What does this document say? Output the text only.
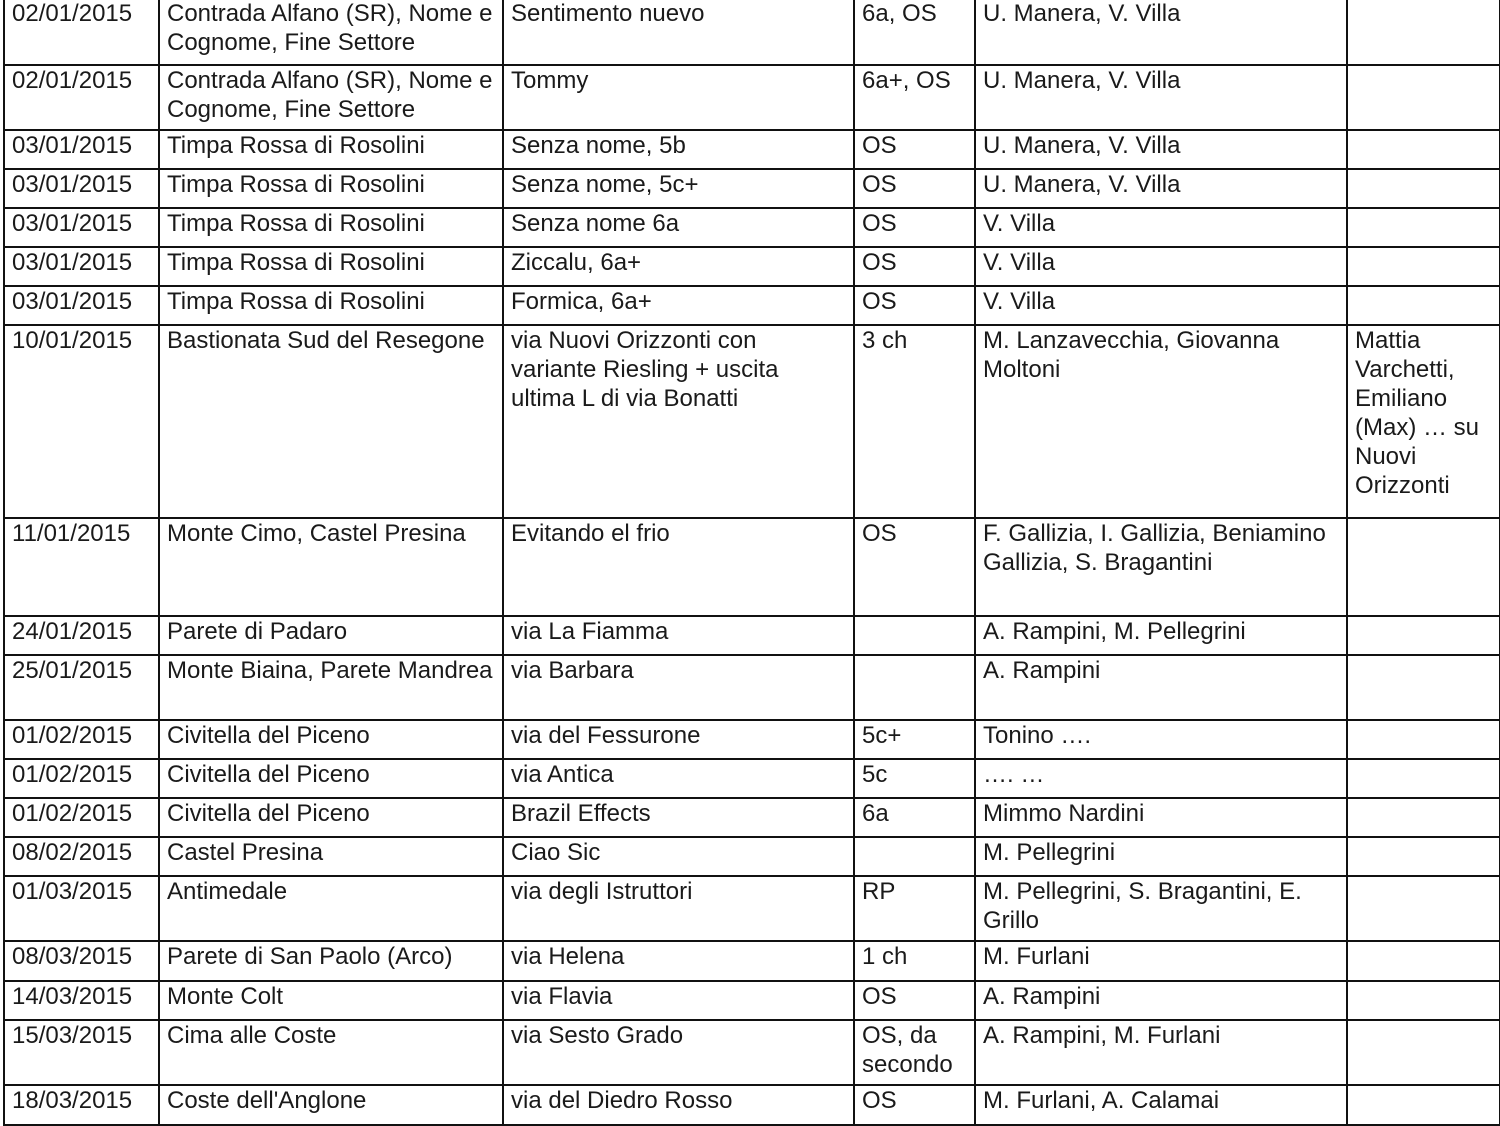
02/01/2015	Contrada Alfano (SR), Nome e Cognome, Fine Settore	Sentimento nuevo	6a, OS	U. Manera, V. Villa	
02/01/2015	Contrada Alfano (SR), Nome e Cognome, Fine Settore	Tommy	6a+, OS	U. Manera, V. Villa	
03/01/2015	Timpa Rossa di Rosolini	Senza nome, 5b	OS	U. Manera, V. Villa	
03/01/2015	Timpa Rossa di Rosolini	Senza nome, 5c+	OS	U. Manera, V. Villa	
03/01/2015	Timpa Rossa di Rosolini	Senza nome 6a	OS	V. Villa	
03/01/2015	Timpa Rossa di Rosolini	Ziccalu, 6a+	OS	V. Villa	
03/01/2015	Timpa Rossa di Rosolini	Formica, 6a+	OS	V. Villa	
10/01/2015	Bastionata Sud del Resegone	via Nuovi Orizzonti con variante Riesling + uscita ultima L di via Bonatti	3 ch	M. Lanzavecchia, Giovanna Moltoni	Mattia Varchetti, Emiliano (Max) … su Nuovi Orizzonti
11/01/2015	Monte Cimo, Castel Presina	Evitando el frio	OS	F. Gallizia, I. Gallizia, Beniamino Gallizia, S. Bragantini	
24/01/2015	Parete di Padaro	via La Fiamma		A. Rampini, M. Pellegrini	
25/01/2015	Monte Biaina, Parete Mandrea	via Barbara		A. Rampini	
01/02/2015	Civitella del Piceno	via del Fessurone	5c+	Tonino ….	
01/02/2015	Civitella del Piceno	via Antica	5c	…. …	
01/02/2015	Civitella del Piceno	Brazil Effects	6a	Mimmo Nardini	
08/02/2015	Castel Presina	Ciao Sic		M. Pellegrini	
01/03/2015	Antimedale	via degli Istruttori	RP	M. Pellegrini, S. Bragantini, E. Grillo	
08/03/2015	Parete di San Paolo (Arco)	via Helena	1 ch	M. Furlani	
14/03/2015	Monte Colt	via Flavia	OS	A. Rampini	
15/03/2015	Cima alle Coste	via Sesto Grado	OS, da secondo	A. Rampini, M. Furlani	
18/03/2015	Coste dell'Anglone	via del Diedro Rosso	OS	M. Furlani, A. Calamai	
